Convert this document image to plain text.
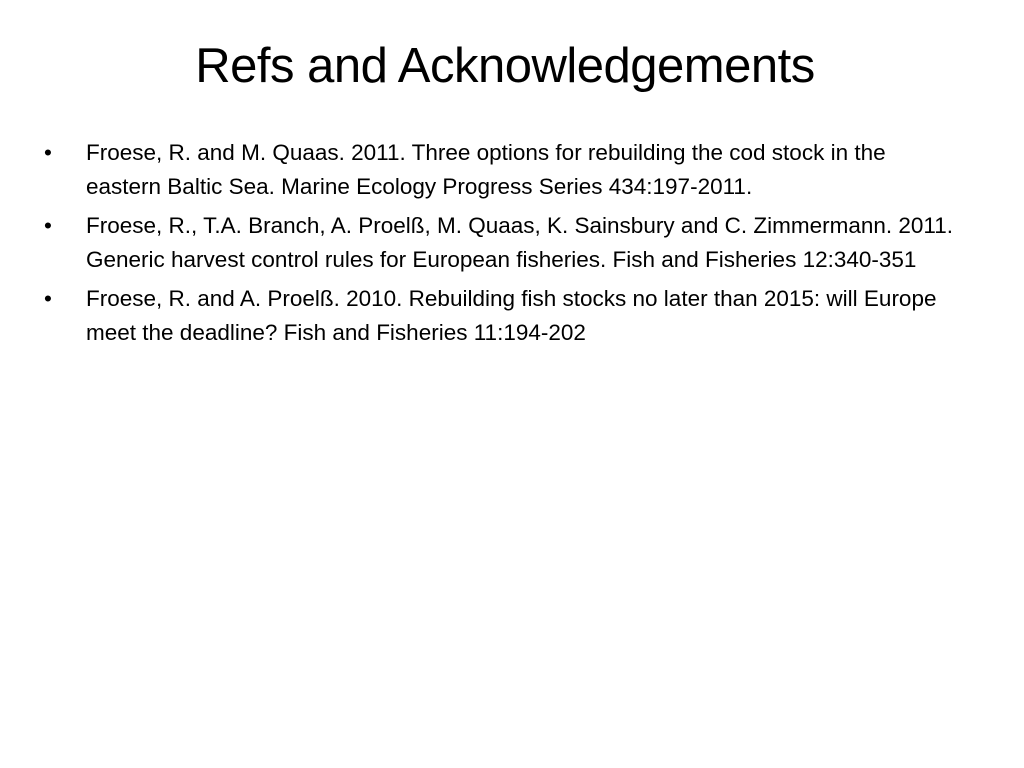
Refs and Acknowledgements
•	Froese, R. and M. Quaas. 2011. Three options for rebuilding the cod stock in the eastern Baltic Sea. Marine Ecology Progress Series 434:197-2011.
•	Froese, R., T.A. Branch, A. Proelß, M. Quaas, K. Sainsbury and C. Zimmermann. 2011. Generic harvest control rules for European fisheries. Fish and Fisheries 12:340-351
•	Froese, R. and A. Proelß. 2010. Rebuilding fish stocks no later than 2015: will Europe meet the deadline? Fish and Fisheries 11:194-202
